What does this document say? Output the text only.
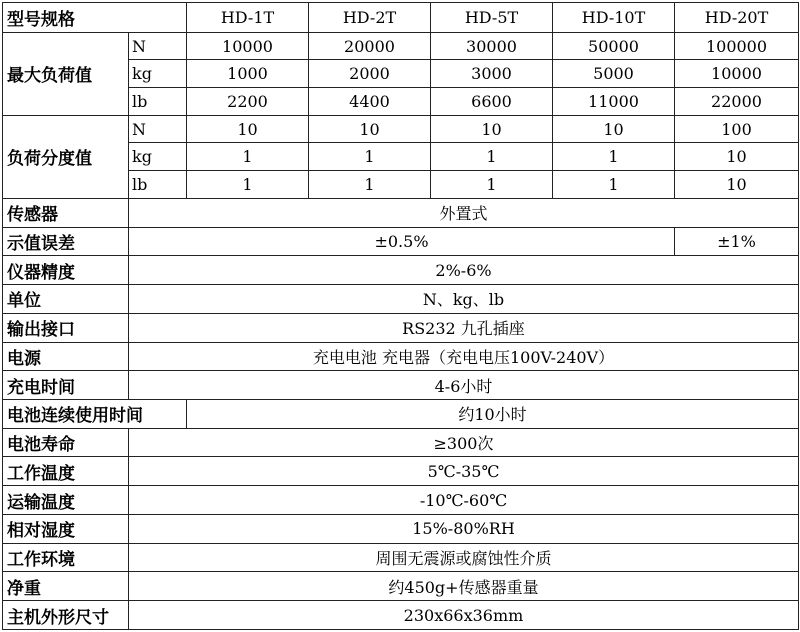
型号规格		HD-1T	HD-2T	HD-5T	HD-10T	HD-20T
最大负荷值	N	10000	20000	30000	50000	100000
	kg	1000	2000	3000	5000	10000
	lb	2200	4400	6600	11000	22000
负荷分度值	N	10	10	10	10	100
	kg	1	1	1	1	10
	lb	1	1	1	1	10
传感器	外置式					
示值误差	±0.5%					±1%
仪器精度	2%-6%					
单位	N、kg、lb					
输出接口	RS232 九孔插座					
电源	充电电池 充电器（充电电压100V-240V）					
充电时间	4-6小时					
电池连续使用时间		约10小时				
电池寿命	≥300次					
工作温度	5℃-35℃					
运输温度	-10℃-60℃					
相对湿度	15%-80%RH					
工作环境	周围无震源或腐蚀性介质					
净重	约450g+传感器重量					
主机外形尺寸	230x66x36mm					
